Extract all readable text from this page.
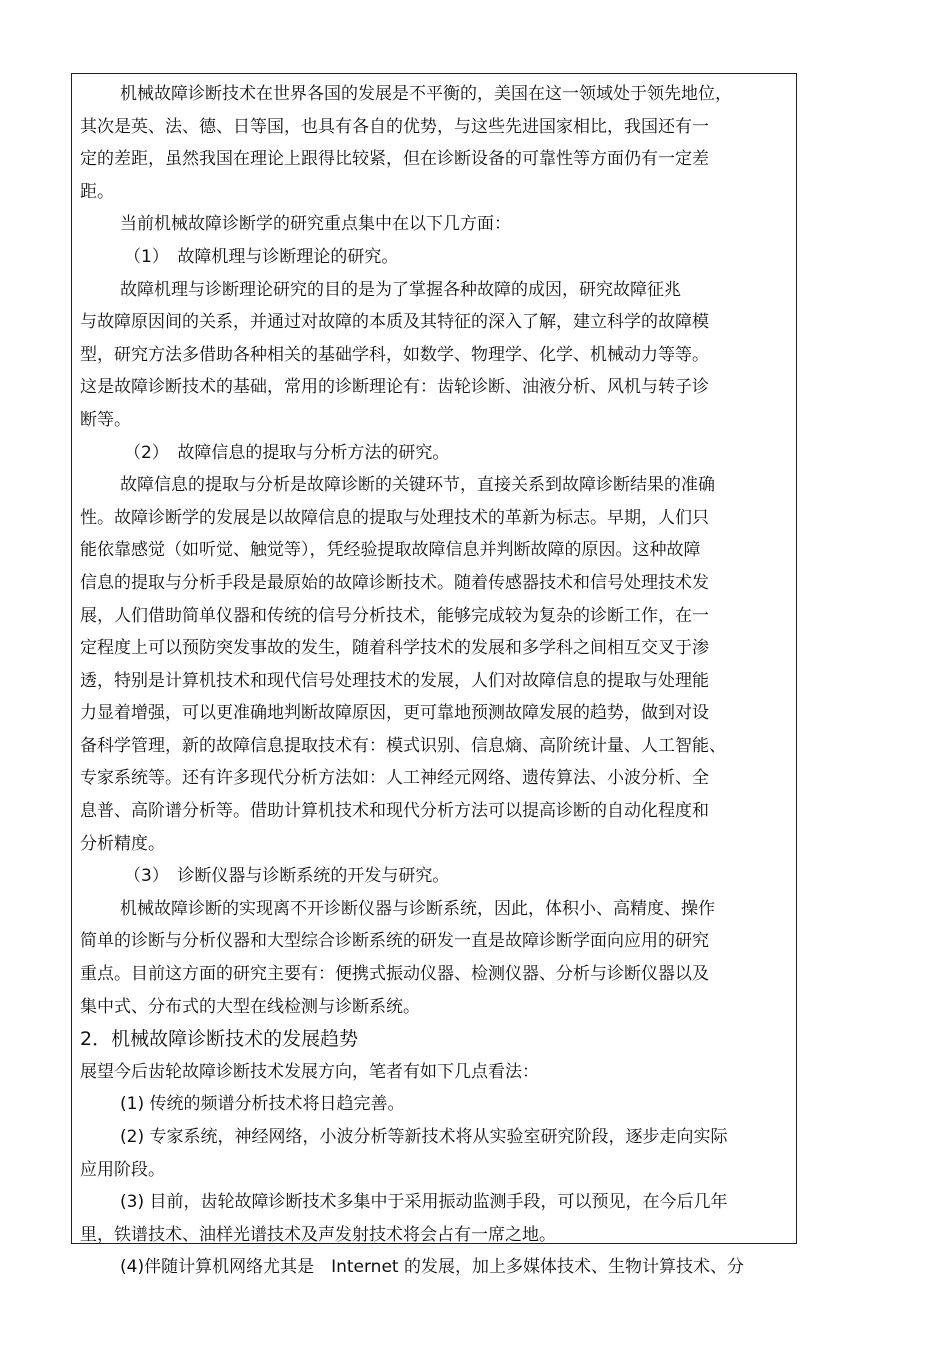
机械故障诊断技术在世界各国的发展是不平衡的，美国在这一领域处于领先地位，
其次是英、法、德、日等国，也具有各自的优势，与这些先进国家相比，我国还有一
定的差距，虽然我国在理论上跟得比较紧，但在诊断设备的可靠性等方面仍有一定差
距。
当前机械故障诊断学的研究重点集中在以下几方面：
（1）　故障机理与诊断理论的研究。
故障机理与诊断理论研究的目的是为了掌握各种故障的成因，研究故障征兆
与故障原因间的关系，并通过对故障的本质及其特征的深入了解，建立科学的故障模
型，研究方法多借助各种相关的基础学科，如数学、物理学、化学、机械动力等等。
这是故障诊断技术的基础，常用的诊断理论有：齿轮诊断、油液分析、风机与转子诊
断等。
（2）　故障信息的提取与分析方法的研究。
故障信息的提取与分析是故障诊断的关键环节，直接关系到故障诊断结果的准确
性。故障诊断学的发展是以故障信息的提取与处理技术的革新为标志。早期，人们只
能依靠感觉（如听觉、触觉等），凭经验提取故障信息并判断故障的原因。这种故障
信息的提取与分析手段是最原始的故障诊断技术。随着传感器技术和信号处理技术发
展，人们借助简单仪器和传统的信号分析技术，能够完成较为复杂的诊断工作，在一
定程度上可以预防突发事故的发生，随着科学技术的发展和多学科之间相互交叉于渗
透，特别是计算机技术和现代信号处理技术的发展，人们对故障信息的提取与处理能
力显着增强，可以更准确地判断故障原因，更可靠地预测故障发展的趋势，做到对设
备科学管理，新的故障信息提取技术有：模式识别、信息熵、高阶统计量、人工智能、
专家系统等。还有许多现代分析方法如：人工神经元网络、遗传算法、小波分析、全
息普、高阶谱分析等。借助计算机技术和现代分析方法可以提高诊断的自动化程度和
分析精度。
（3）　诊断仪器与诊断系统的开发与研究。
机械故障诊断的实现离不开诊断仪器与诊断系统，因此，体积小、高精度、操作
简单的诊断与分析仪器和大型综合诊断系统的研发一直是故障诊断学面向应用的研究
重点。目前这方面的研究主要有：便携式振动仪器、检测仪器、分析与诊断仪器以及
集中式、分布式的大型在线检测与诊断系统。
2．机械故障诊断技术的发展趋势
展望今后齿轮故障诊断技术发展方向，笔者有如下几点看法：
(1) 传统的频谱分析技术将日趋完善。
(2) 专家系统，神经网络，小波分析等新技术将从实验室研究阶段，逐步走向实际
应用阶段。
(3) 目前，齿轮故障诊断技术多集中于采用振动监测手段，可以预见，在今后几年
里，铁谱技术、油样光谱技术及声发射技术将会占有一席之地。
(4)伴随计算机网络尤其是　Internet 的发展，加上多媒体技术、生物计算技术、分
